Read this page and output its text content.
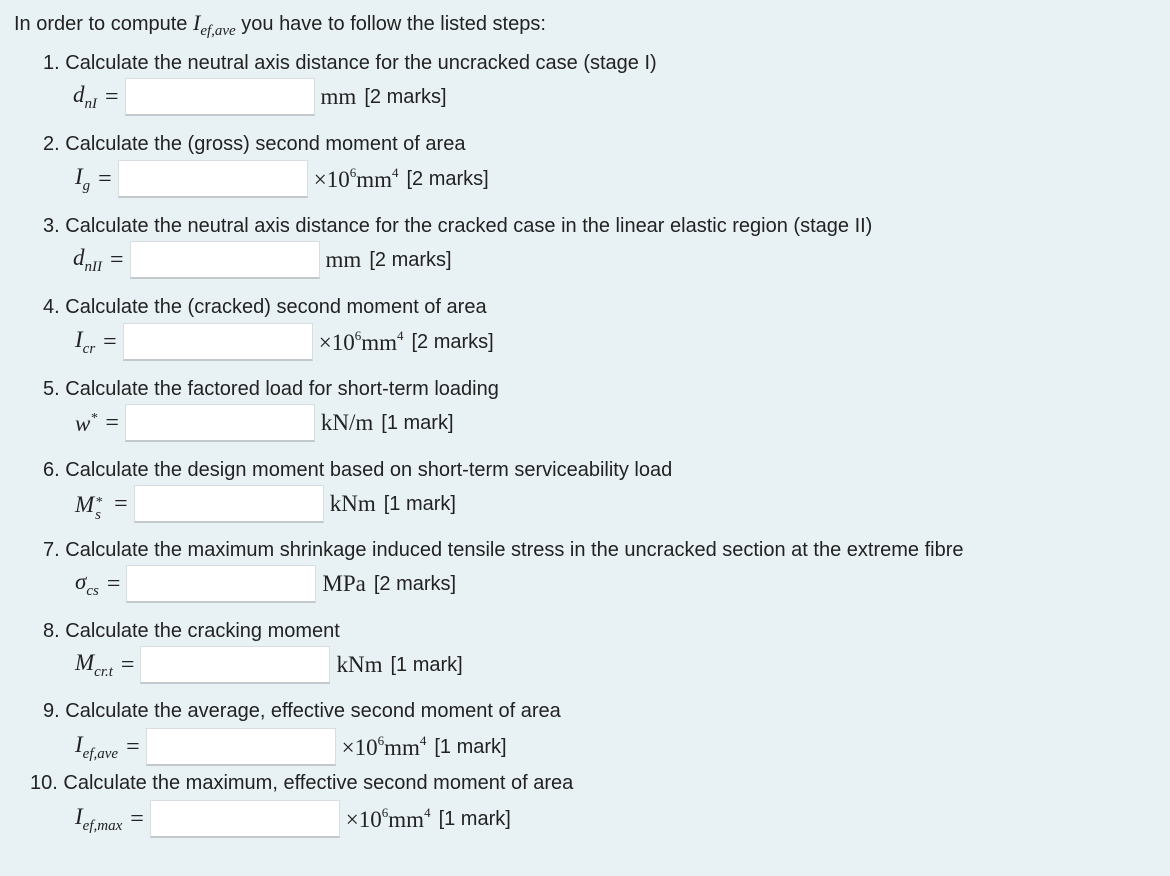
In order to compute $I_{ef,ave}$ you have to follow the listed steps:
1. Calculate the neutral axis distance for the uncracked case (stage I)
$d_{nI}$ =	mm [2 marks]
2. Calculate the (gross) second moment of area
$I_g$ =	$\times 10^6mm^4$ [2 marks]
3. Calculate the neutral axis distance for the cracked case in the linear elastic region (stage II)
$d_{nII}$ =	mm [2 marks]
4. Calculate the (cracked) second moment of area
$I_{cr}$ =	$\times 10^6mm^4$ [2 marks]
5. Calculate the factored load for short-term loading
w* =	kN/m [1 mark]
6. Calculate the design moment based on short-term serviceability load
M *
s =	kNm [1 mark]
7. Calculate the maximum shrinkage induced tensile stress in the uncracked section at the extreme fibre
$\sigma_{cs}$ =	MPa [2 marks]
8. Calculate the cracking moment
$M_{cr.t}$ =	kNm [1 mark]
9. Calculate the average, effective second moment of area
$I_{ef,ave}$ =	$\times 10^6mm^4$ [1 mark]
10. Calculate the maximum, effective second moment of area
$I_{ef,max}$ =	$\times 10^6mm^4$ [1 mark]
